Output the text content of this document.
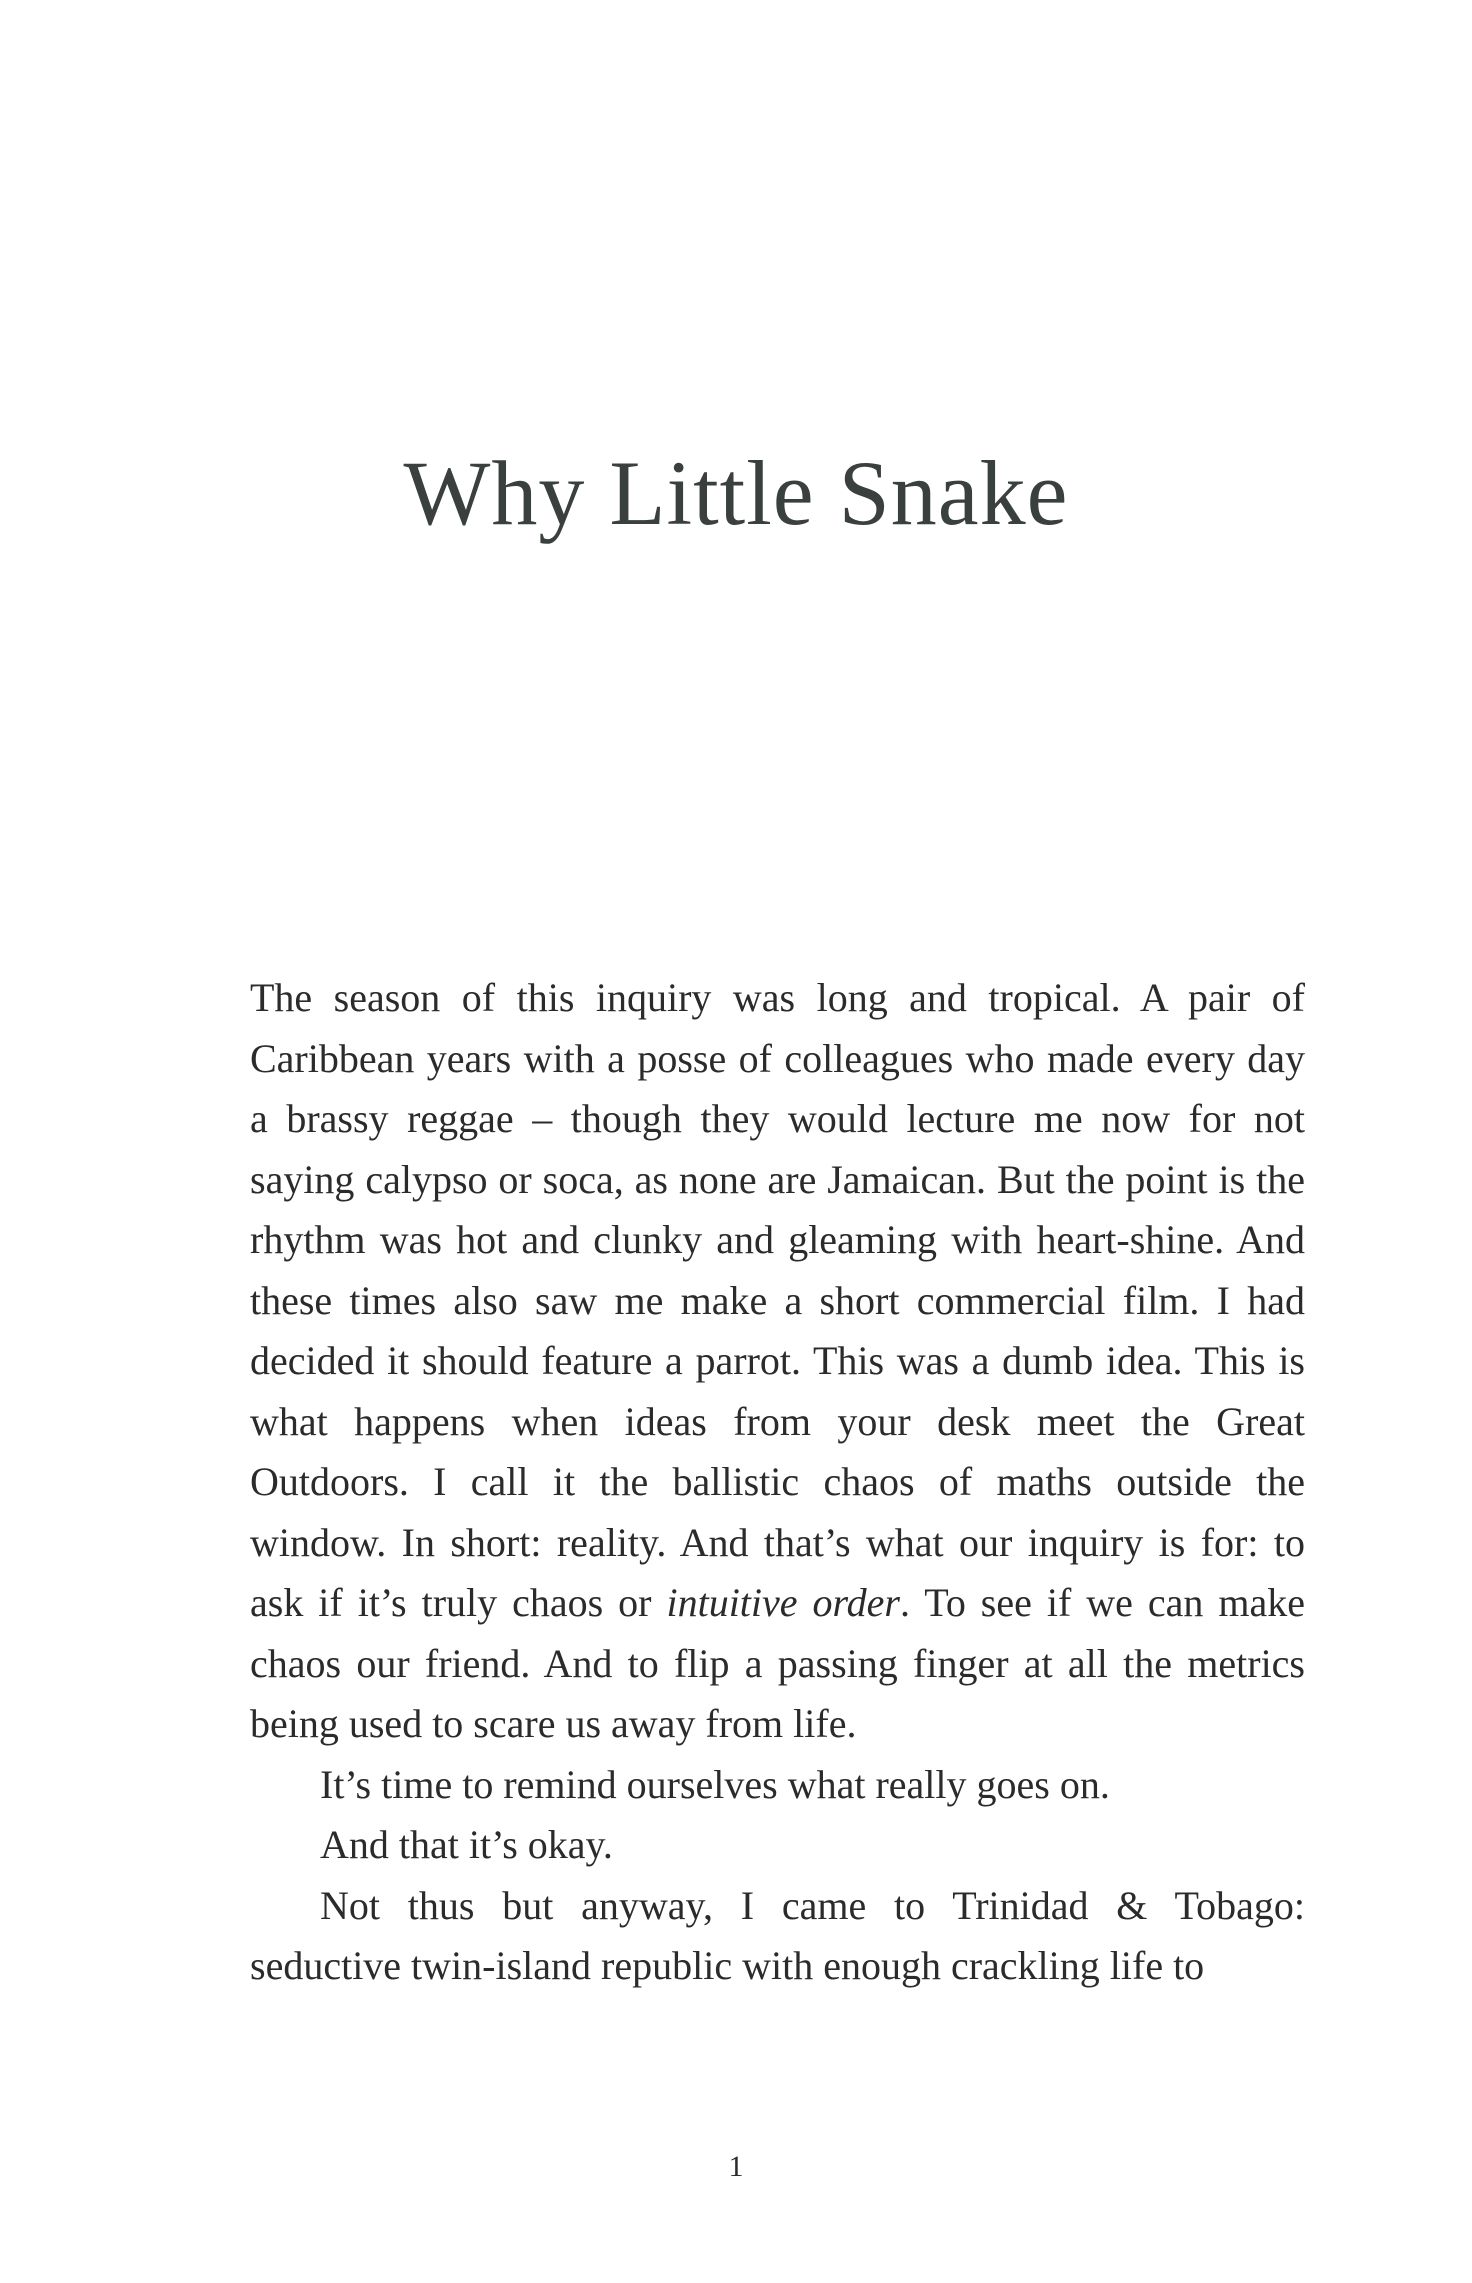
Why Little Snake

The season of this inquiry was long and tropical. A pair of Caribbean years with a posse of colleagues who made every day a brassy reggae – though they would lecture me now for not saying calypso or soca, as none are Jamaican. But the point is the rhythm was hot and clunky and gleaming with heart-shine. And these times also saw me make a short commercial film. I had decided it should feature a parrot. This was a dumb idea. This is what happens when ideas from your desk meet the Great Outdoors. I call it the ballistic chaos of maths outside the window. In short: reality. And that’s what our inquiry is for: to ask if it’s truly chaos or intuitive order. To see if we can make chaos our friend. And to flip a passing finger at all the metrics being used to scare us away from life.

It’s time to remind ourselves what really goes on.

And that it’s okay.

Not thus but anyway, I came to Trinidad & Tobago: seductive twin-island republic with enough crackling life to

1
